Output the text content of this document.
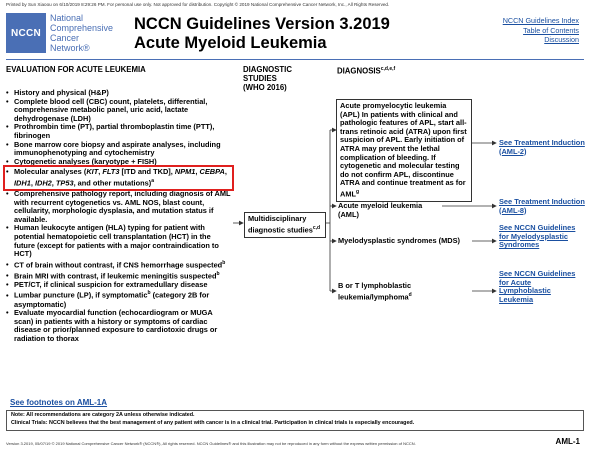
Printed by Sun Xiaoou on 6/10/2019 8:29:26 PM. For personal use only. Not approved for distribution. Copyright © 2019 National Comprehensive Cancer Network, Inc., All Rights Reserved.
NCCN
National
Comprehensive
Cancer
Network®
NCCN Guidelines Version 3.2019
Acute Myeloid Leukemia
NCCN Guidelines Index
Table of Contents
Discussion
EVALUATION FOR ACUTE LEUKEMIA	DIAGNOSTIC
STUDIES
(WHO 2016)
DIAGNOSIS$^{c,d,e,f}$
• History and physical (H&P)
• Complete blood cell (CBC) count, platelets, differential, comprehensive metabolic panel, uric acid, lactate dehydrogenase (LDH)
• Prothrombin time (PT), partial thromboplastin time (PTT), fibrinogen
• Bone marrow core biopsy and aspirate analyses, including immunophenotyping and cytochemistry
• Cytogenetic analyses (karyotype + FISH)
• Molecular analyses (KIT, FLT3 [ITD and TKD], NPM1, CEBPA, IDH1, IDH2, TP53, and other mutations)$^a$
• Comprehensive pathology report, including diagnosis of AML with recurrent cytogenetics vs. AML NOS, blast count, cellularity, morphologic dysplasia, and mutation status if available.
• Human leukocyte antigen (HLA) typing for patient with potential hematopoietic cell transplantation (HCT) in the future (except for patients with a major contraindication to HCT)
• CT of brain without contrast, if CNS hemorrhage suspected$^b$
• Brain MRI with contrast, if leukemic meningitis suspected$^b$
• PET/CT, if clinical suspicion for extramedullary disease
• Lumbar puncture (LP), if symptomatic$^b$ (category 2B for asymptomatic)
• Evaluate myocardial function (echocardiogram or MUGA scan) in patients with a history or symptoms of cardiac disease or prior/planned exposure to cardiotoxic drugs or radiation to thorax
Multidisciplinary diagnostic studies$^{c,d}$
Acute promyelocytic leukemia (APL) In patients with clinical and pathologic features of APL, start all-trans retinoic acid (ATRA) upon first suspicion of APL. Early initiation of ATRA may prevent the lethal complication of bleeding. If cytogenetic and molecular testing do not confirm APL, discontinue ATRA and continue treatment as for AML$^g$
Acute myeloid leukemia (AML)
Myelodysplastic syndromes (MDS)
B or T lymphoblastic leukemia/lymphoma$^d$
See Treatment Induction (AML-2)
See Treatment Induction (AML-8)
See NCCN Guidelines for Myelodysplastic Syndromes
See NCCN Guidelines for Acute Lymphoblastic Leukemia
See footnotes on AML-1A
Note: All recommendations are category 2A unless otherwise indicated.
Clinical Trials: NCCN believes that the best management of any patient with cancer is in a clinical trial. Participation in clinical trials is especially encouraged.
Version 3.2019, 05/07/19 © 2019 National Comprehensive Cancer Network® (NCCN®), All rights reserved. NCCN Guidelines® and this illustration may not be reproduced in any form without the express written permission of NCCN.	AML-1
